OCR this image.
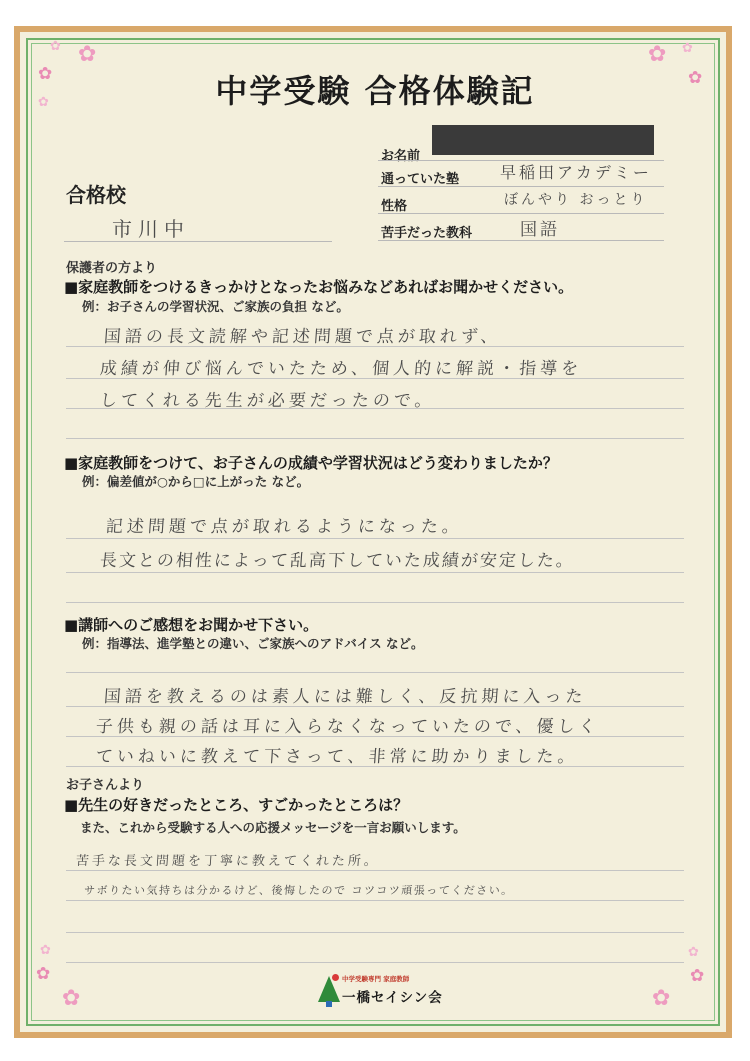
✿
✿
✿
✿
✿ ✿
✿
✿
✿
✿
✿
✿
✿
中学受験 合格体験記
お名前
通っていた塾	早稲田アカデミー
性格	ぼんやり おっとり
苦手だった教科	国語
合格校
市川中
保護者の方より
■家庭教師をつけるきっかけとなったお悩みなどあればお聞かせください。
例：お子さんの学習状況、ご家族の負担 など。
国語の長文読解や記述問題で点が取れず、
成績が伸び悩んでいたため、個人的に解説・指導を
してくれる先生が必要だったので。
■家庭教師をつけて、お子さんの成績や学習状況はどう変わりましたか？
例：偏差値が○から□に上がった など。
記述問題で点が取れるようになった。
長文との相性によって乱高下していた成績が安定した。
■講師へのご感想をお聞かせ下さい。
例：指導法、進学塾との違い、ご家族へのアドバイス など。
国語を教えるのは素人には難しく、反抗期に入った
子供も親の話は耳に入らなくなっていたので、優しく
ていねいに教えて下さって、非常に助かりました。
お子さんより
■先生の好きだったところ、すごかったところは？
また、これから受験する人への応援メッセージを一言お願いします。
苦手な長文問題を丁寧に教えてくれた所。
サボりたい気持ちは分かるけど、後悔したので コツコツ頑張ってください。
中学受験専門 家庭教師
一橋セイシン会
